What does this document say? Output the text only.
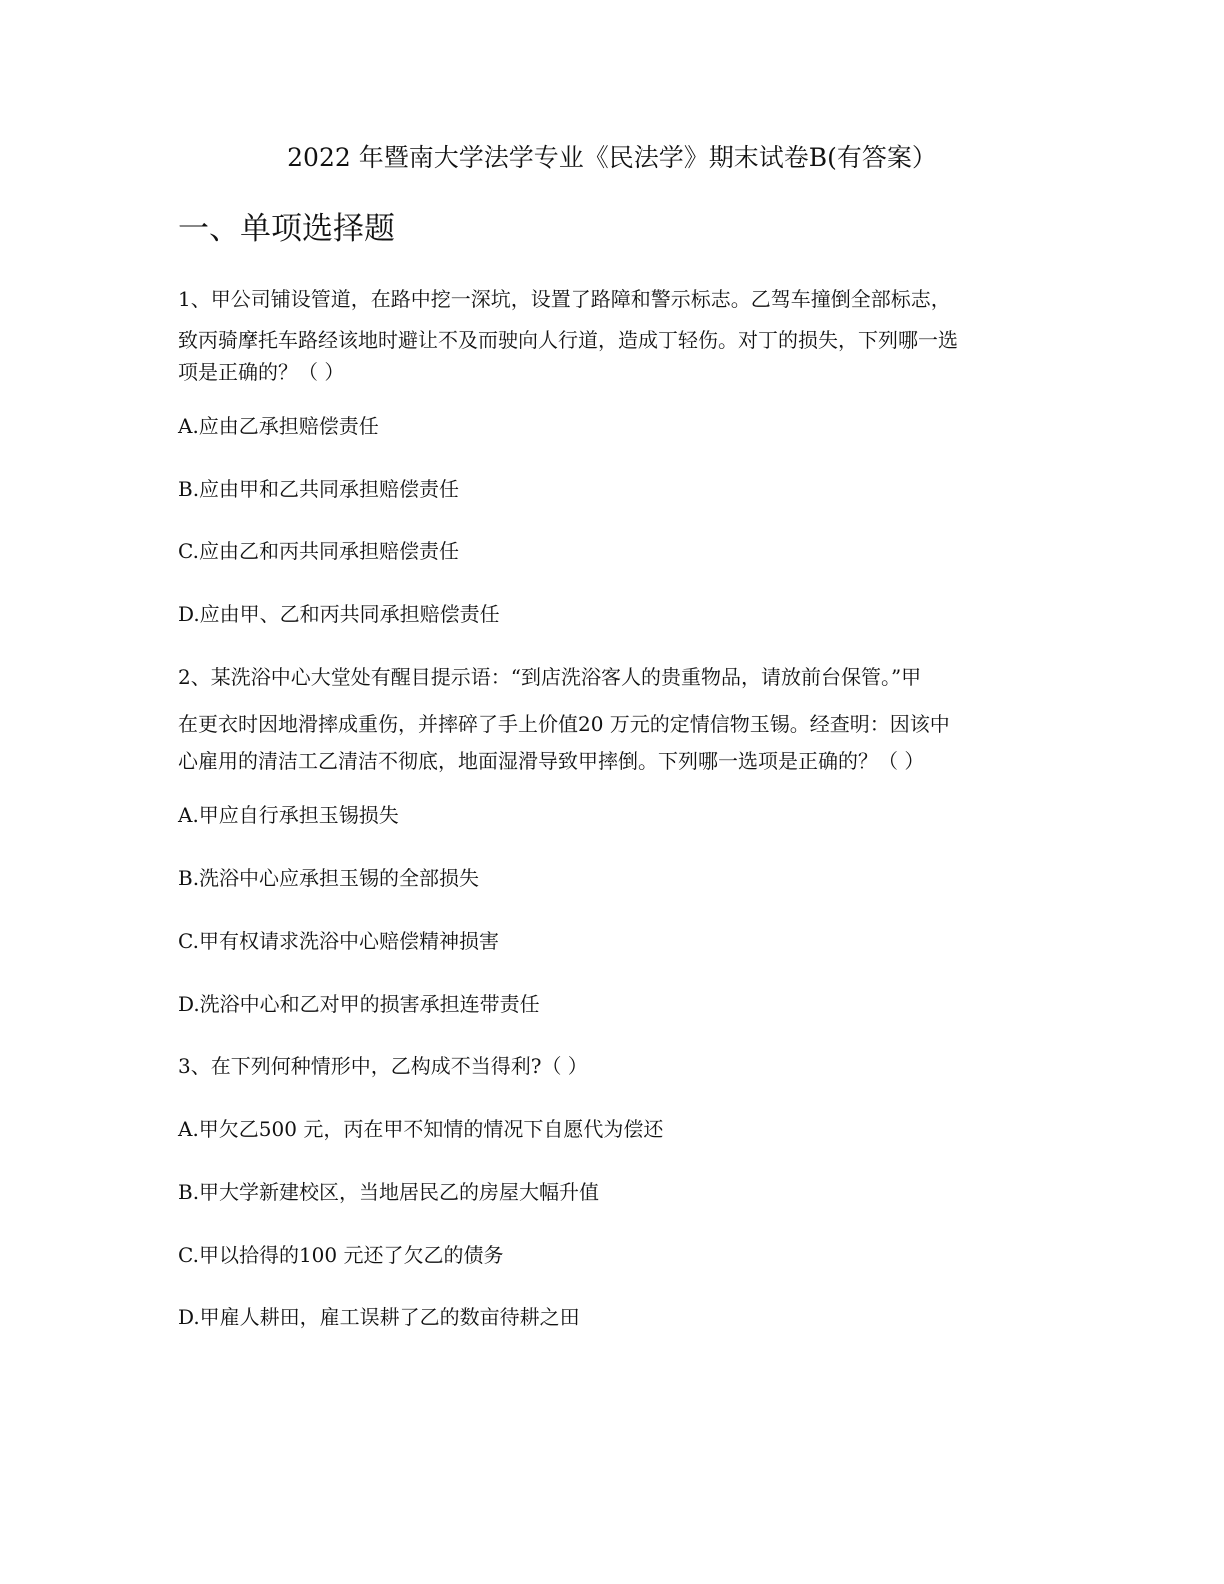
2022 年暨南大学法学专业《民法学》期末试卷B(有答案）
一、单项选择题
1、甲公司铺设管道，在路中挖一深坑，设置了路障和警示标志。乙驾车撞倒全部标志，
致丙骑摩托车路经该地时避让不及而驶向人行道，造成丁轻伤。对丁的损失，下列哪一选
项是正确的？（ ）
A.应由乙承担赔偿责任
B.应由甲和乙共同承担赔偿责任
C.应由乙和丙共同承担赔偿责任
D.应由甲、乙和丙共同承担赔偿责任
2、某洗浴中心大堂处有醒目提示语：“到店洗浴客人的贵重物品，请放前台保管。”甲
在更衣时因地滑摔成重伤，并摔碎了手上价值20 万元的定情信物玉锡。经查明：因该中
心雇用的清洁工乙清洁不彻底，地面湿滑导致甲摔倒。下列哪一选项是正确的？（ ）
A.甲应自行承担玉锡损失
B.洗浴中心应承担玉锡的全部损失
C.甲有权请求洗浴中心赔偿精神损害
D.洗浴中心和乙对甲的损害承担连带责任
3、在下列何种情形中，乙构成不当得利?（ ）
A.甲欠乙500 元，丙在甲不知情的情况下自愿代为偿还
B.甲大学新建校区，当地居民乙的房屋大幅升值
C.甲以拾得的100 元还了欠乙的债务
D.甲雇人耕田，雇工误耕了乙的数亩待耕之田
